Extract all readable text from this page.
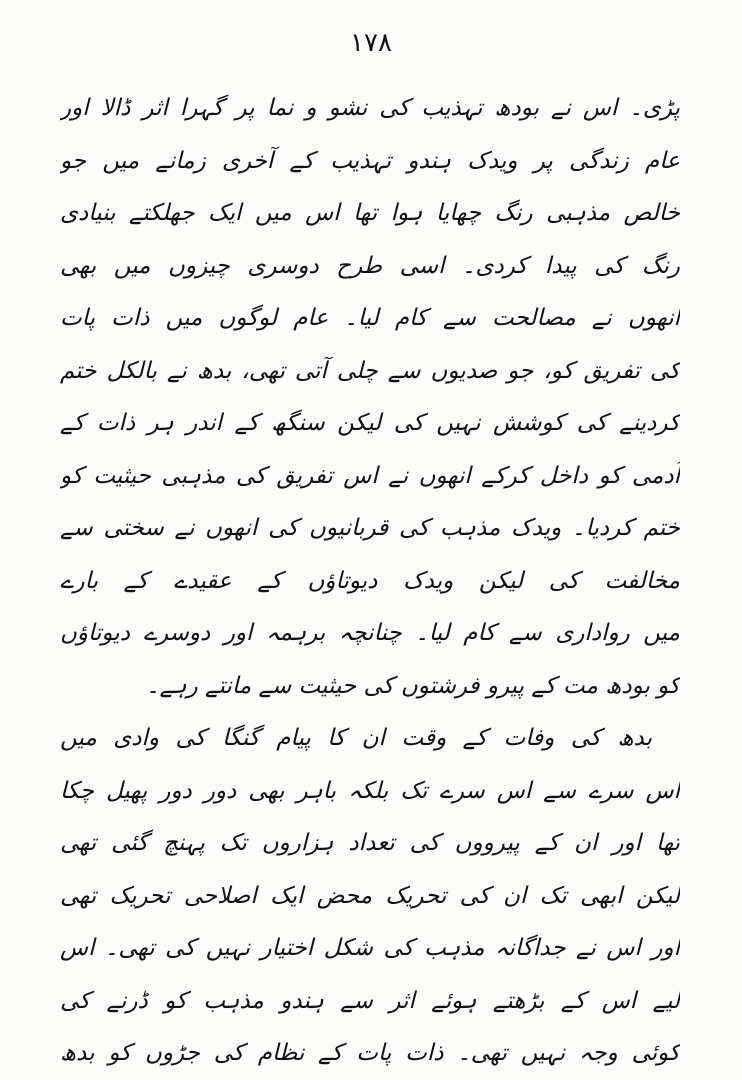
۱۷۸
پڑی۔ اس نے بودھ تہذیب کی نشو و نما پر گہرا اثر ڈالا اور
عام زندگی پر ویدک ہندو تہذیب کے آخری زمانے میں جو
خالص مذہبی رنگ چھایا ہوا تھا اس میں ایک جھلکتے بنیادی
رنگ کی پیدا کردی۔ اسی طرح دوسری چیزوں میں بھی
انھوں نے مصالحت سے کام لیا۔ عام لوگوں میں ذات پات
کی تفریق کو، جو صدیوں سے چلی آتی تھی، بدھ نے بالکل ختم
کردینے کی کوشش نہیں کی لیکن سنگھ کے اندر ہر ذات کے
آدمی کو داخل کرکے انھوں نے اس تفریق کی مذہبی حیثیت کو
ختم کردیا۔ ویدک مذہب کی قربانیوں کی انھوں نے سختی سے
مخالفت کی لیکن ویدک دیوتاؤں کے عقیدے کے بارے
میں رواداری سے کام لیا۔ چنانچہ برہمہ اور دوسرے دیوتاؤں
کو بودھ مت کے پیرو فرشتوں کی حیثیت سے مانتے رہے۔
بدھ کی وفات کے وقت ان کا پیام گنگا کی وادی میں
اس سرے سے اس سرے تک بلکہ باہر بھی دور دور پھیل چکا
تھا اور ان کے پیرووں کی تعداد ہزاروں تک پہنچ گئی تھی
لیکن ابھی تک ان کی تحریک محض ایک اصلاحی تحریک تھی
اور اس نے جداگانہ مذہب کی شکل اختیار نہیں کی تھی۔ اس
لیے اس کے بڑھتے ہوئے اثر سے ہندو مذہب کو ڈرنے کی
کوئی وجہ نہیں تھی۔ ذات پات کے نظام کی جڑوں کو بدھ
